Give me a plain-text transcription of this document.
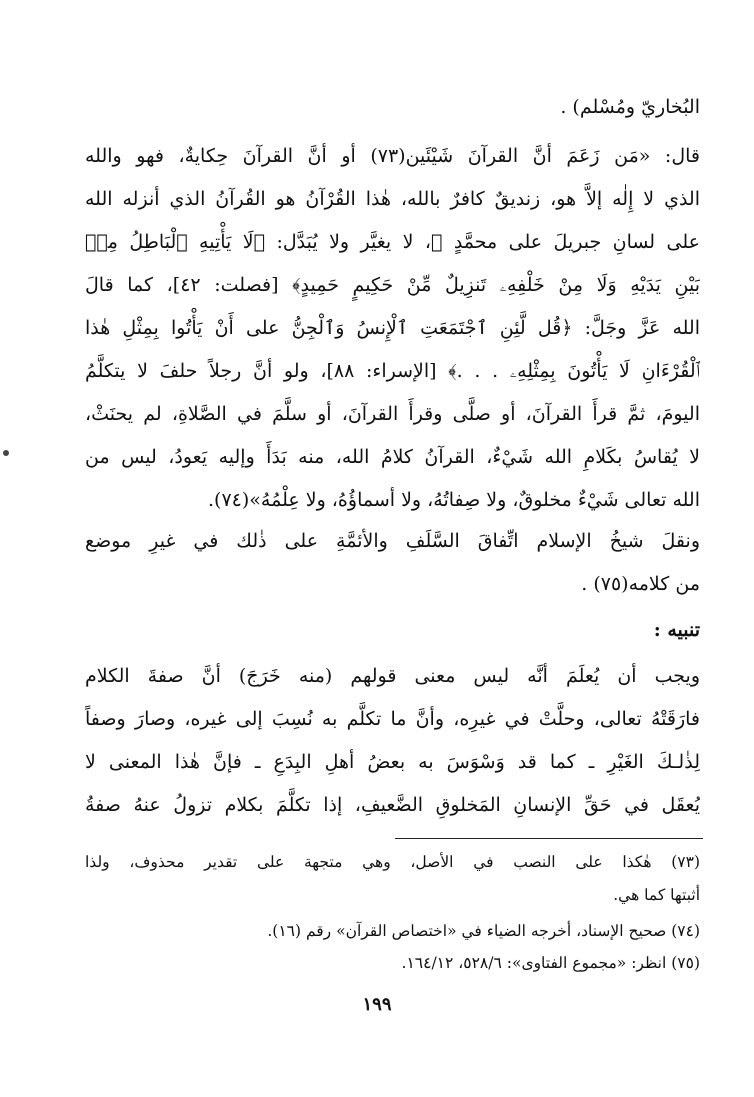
البُخاريّ ومُسْلم) .
قال: «مَن زَعَمَ أنَّ القرآنَ شَيْئَين(٧٣) أو أنَّ القرآنَ حِكايةٌ، فهو والله
الذي لا إِلٰه إلاَّ هو، زنديقٌ كافرٌ بالله، هٰذا القُرْآنُ هو القُرآنُ الذي أنزله الله
على لسانِ جبريلَ على محمَّدٍ ﷺ، لا يغيَّر ولا يُبَدَّل: ﴿لَا يَأْتِيهِ ٱلْبَاطِلُ مِنۢ
بَيْنِ يَدَيْهِ وَلَا مِنْ خَلْفِهِۦ تَنزِيلٌ مِّنْ حَكِيمٍ حَمِيدٍ﴾ [فصلت: ٤٢]، كما قالَ
الله عَزَّ وجَلَّ: ﴿قُل لَّئِنِ ٱجْتَمَعَتِ ٱلْإِنسُ وَٱلْجِنُّ على أَنْ يَأْتُوا بِمِثْلِ هٰذا
ٱلْقُرْءَانِ لَا يَأْتُونَ بِمِثْلِهِۦ . . .﴾ [الإسراء: ٨٨]، ولو أنَّ رجلاً حلفَ لا يتكلَّمُ
اليومَ، ثمَّ قرأَ القرآنَ، أو صلَّى وقرأَ القرآنَ، أو سلَّمَ في الصَّلاةِ، لم يحنَثْ،
لا يُقاسُ بكَلامِ الله شَيْءٌ، القرآنُ كلامُ الله، منه بَدَأَ وإليه يَعودُ، ليس من
الله تعالى شَيْءٌ مخلوقٌ، ولا صِفاتُهُ، ولا أسماؤُهُ، ولا عِلْمُهُ»(٧٤).
ونقلَ شيخُ الإسلام اتِّفاقَ السَّلَفِ والأئمَّةِ على ذٰلك في غيرِ موضع
من كلامه(٧٥) .
تنبيه :
ويجب أن يُعلَمَ أنَّه ليس معنى قولهم (منه خَرَجَ) أنَّ صفةَ الكلام
فارَقَتْهُ تعالى، وحلَّتْ في غيرِه، وأنَّ ما تكلَّم به نُسِبَ إلى غيره، وصارَ وصفاً
لِذٰلـكَ الغَيْرِ ـ كما قد وَسْوَسَ به بعضُ أهلِ البِدَعِ ـ فإنَّ هٰذا المعنى لا
يُعقَل في حَقِّ الإنسانِ المَخلوقِ الضَّعيفِ، إذا تكلَّمَ بكلام تزولُ عنهُ صفةُ
(٧٣) هٰكذا على النصب في الأصل، وهي متجهة على تقدير محذوف، ولذا
أثبتها كما هي.
(٧٤) صحيح الإسناد، أخرجه الضياء في «اختصاص القرآن» رقم (١٦).
(٧٥) انظر: «مجموع الفتاوى»: ٥٢٨/٦، ١٦٤/١٢.
١٩٩
